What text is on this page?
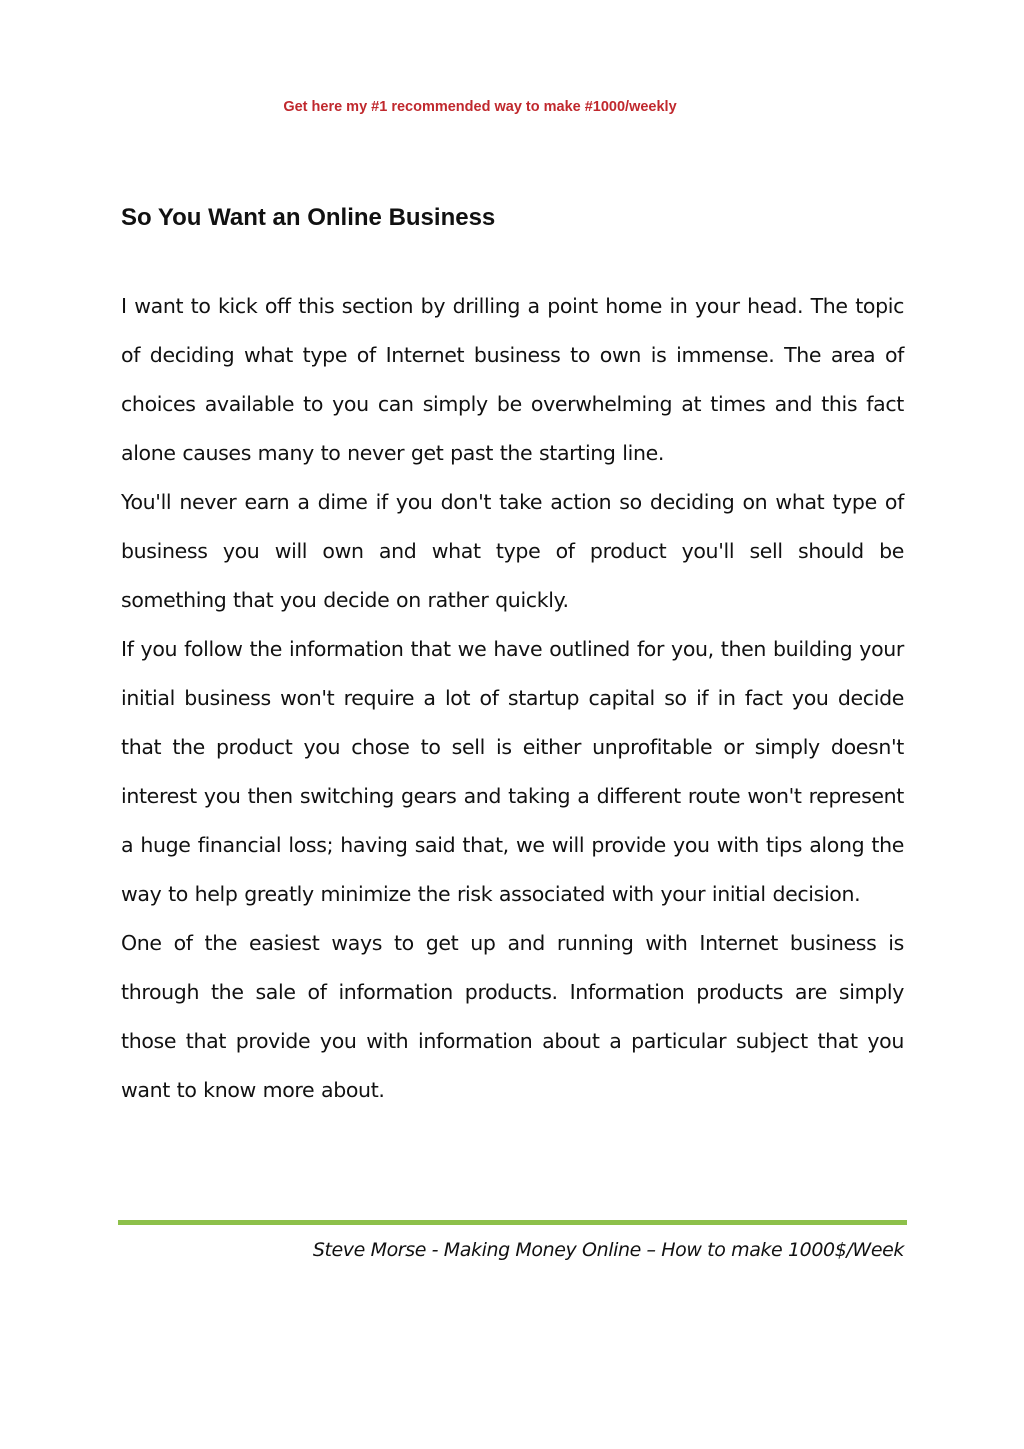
Get here my #1 recommended way to make #1000/weekly
So You Want an Online Business

I want to kick off this section by drilling a point home in your head. The topic of deciding what type of Internet business to own is immense. The area of choices available to you can simply be overwhelming at times and this fact alone causes many to never get past the starting line.

You'll never earn a dime if you don't take action so deciding on what type of business you will own and what type of product you'll sell should be something that you decide on rather quickly.

If you follow the information that we have outlined for you, then building your initial business won't require a lot of startup capital so if in fact you decide that the product you chose to sell is either unprofitable or simply doesn't interest you then switching gears and taking a different route won't represent a huge financial loss; having said that, we will provide you with tips along the way to help greatly minimize the risk associated with your initial decision.

One of the easiest ways to get up and running with Internet business is through the sale of information products. Information products are simply those that provide you with information about a particular subject that you want to know more about.

Steve Morse - Making Money Online – How to make 1000$/Week
